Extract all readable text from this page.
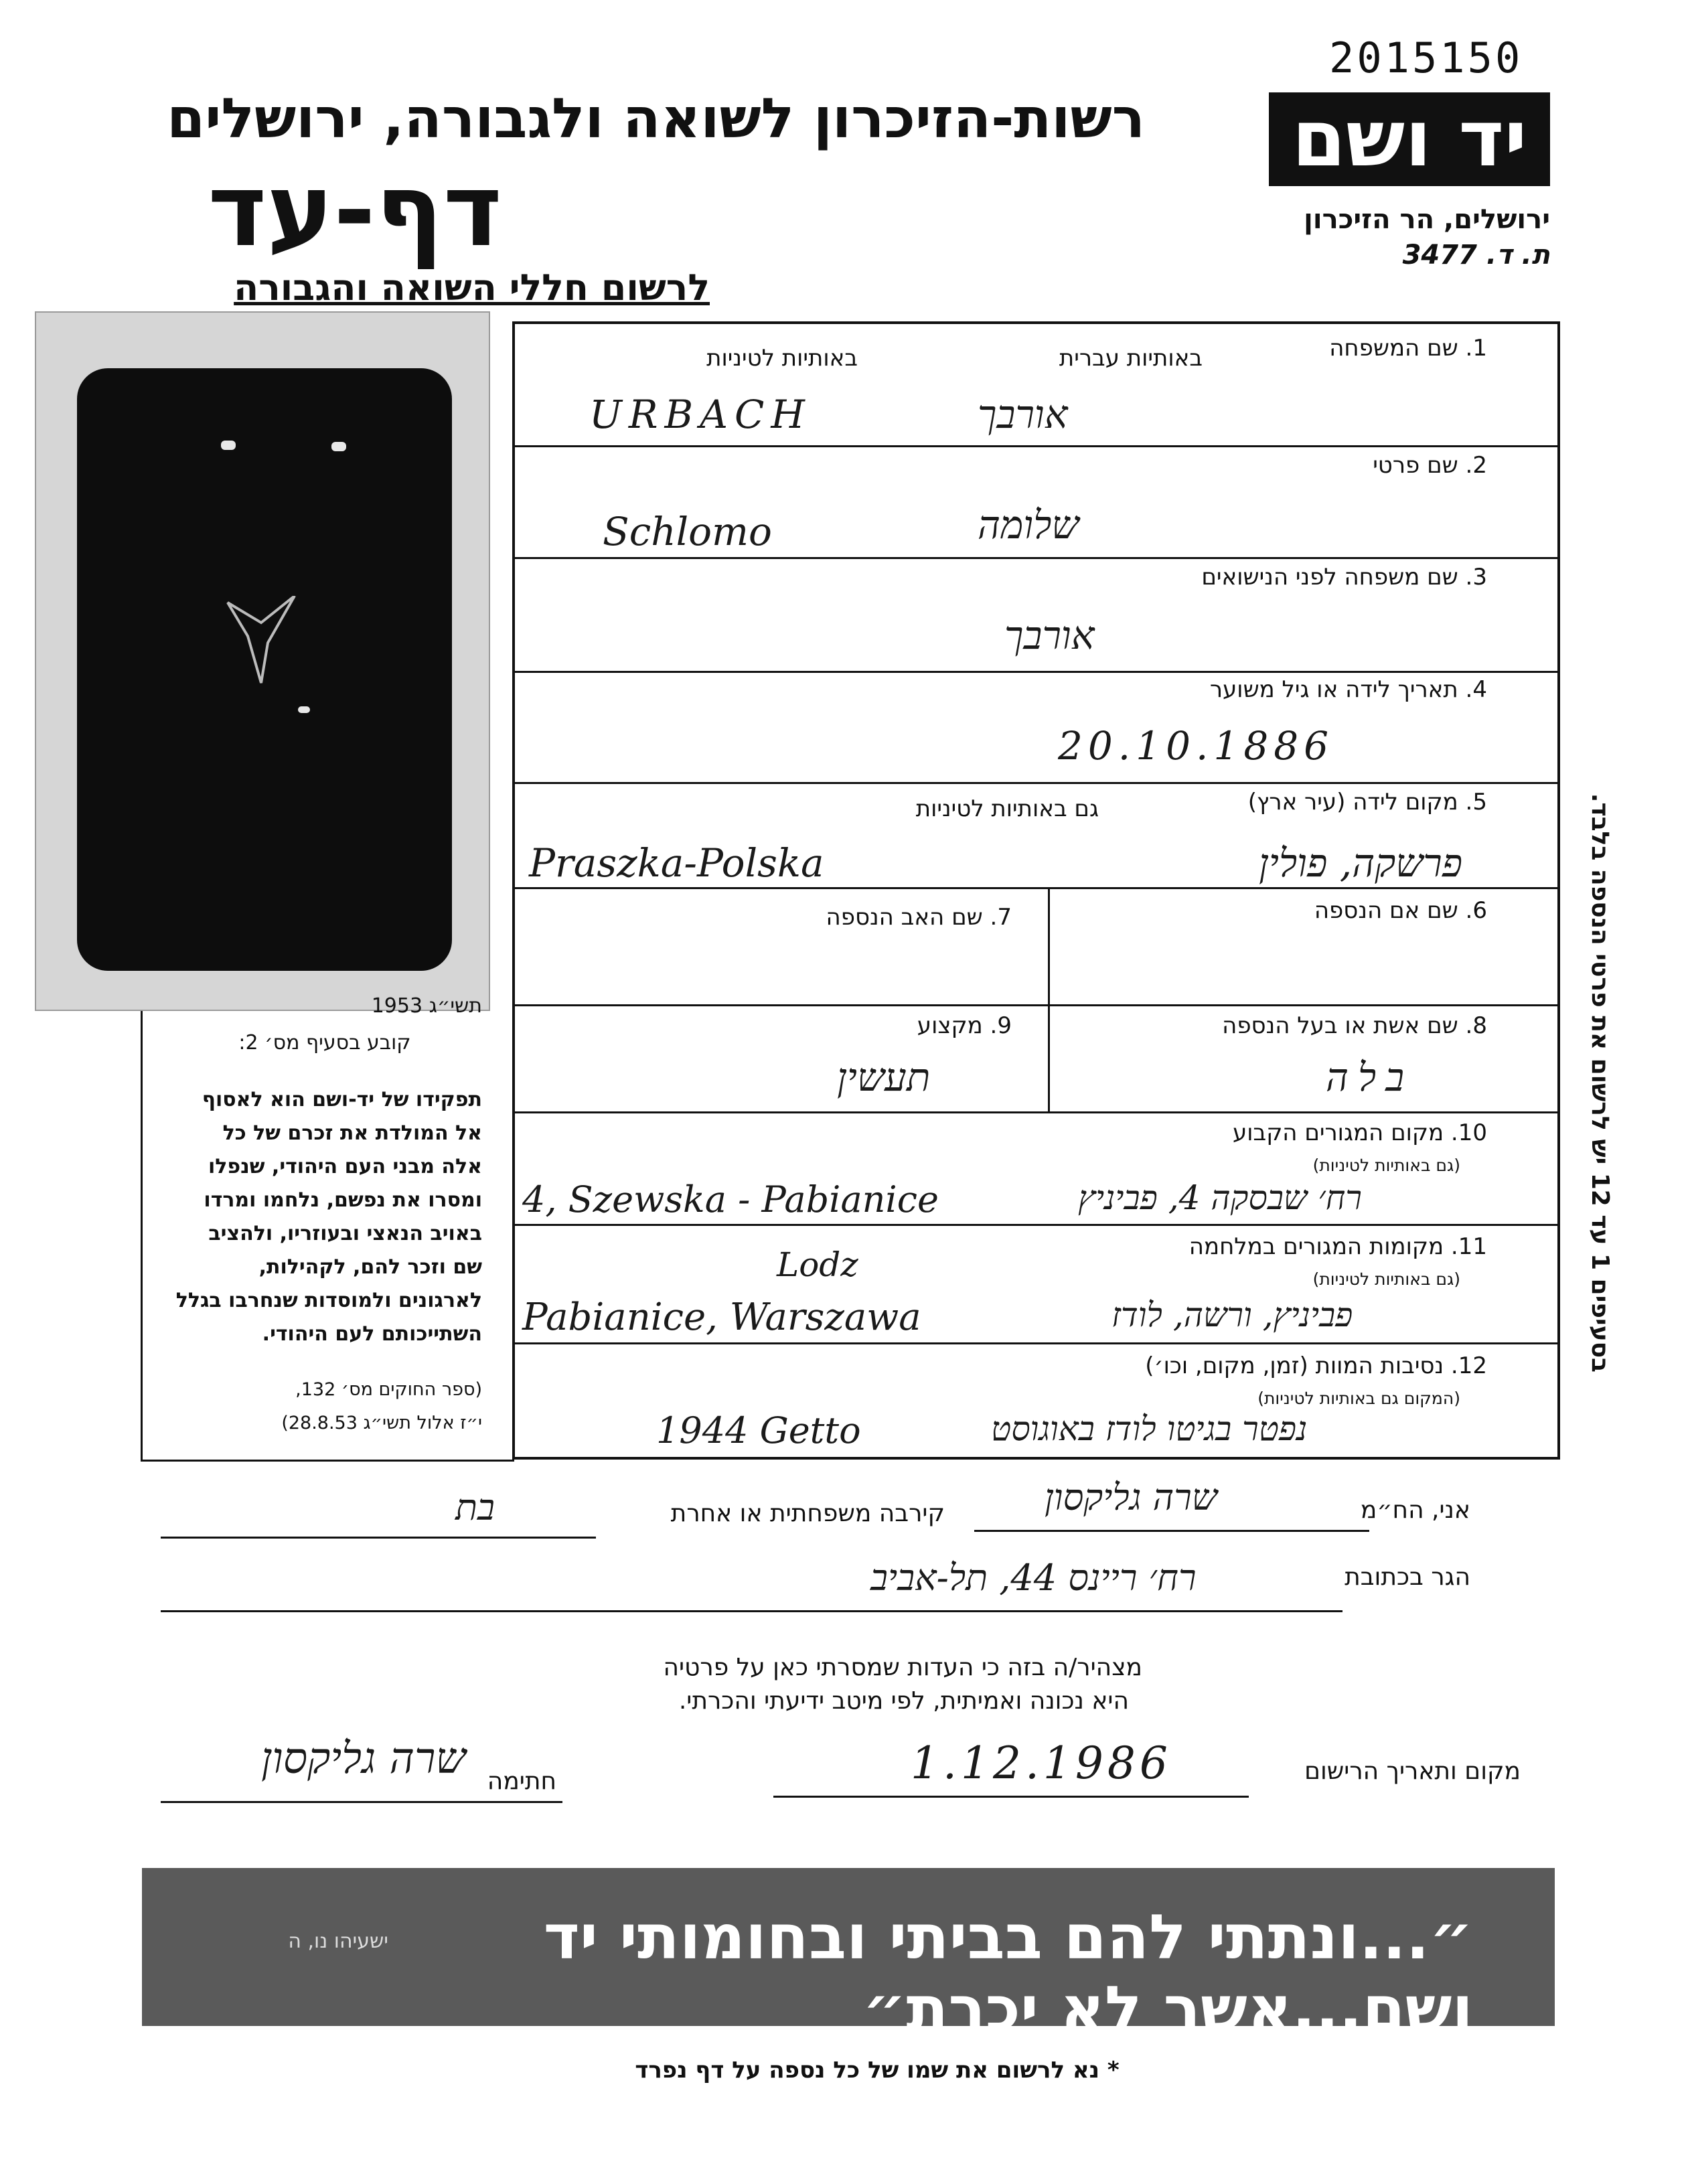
2015150
רשות-הזיכרון לשואה ולגבורה, ירושלים
דף-עד
לרשום חללי השואה והגבורה
יד ושם
ירושלים, הר הזיכרון
ת. ד. 3477
תשי״ג 1953
קובע בסעיף מס׳ 2:
תפקידו של יד-ושם הוא לאסוף
אל המולדת את זכרם של כל
אלה מבני העם היהודי, שנפלו
ומסרו את נפשם, נלחמו ומרדו
באויב הנאצי ובעוזריו, ולהציב
שם וזכר להם, לקהילות,
לארגונים ולמוסדות שנחרבו בגלל
השתייכותם לעם היהודי.
(ספר החוקים מס׳ 132,
י״ז אלול תשי״ג 28.8.53)
1. שם המשפחה
באותיות עברית
באותיות לטיניות
אורבך
URBACH
2. שם פרטי
שלומה
Schlomo
3. שם משפחה לפני הנישואים
אורבך
4. תאריך לידה או גיל משוער
20.10.1886
5. מקום לידה (עיר ארץ)
גם באותיות לטיניות
פרשקה, פולין
Praszka-Polska
6. שם אם הנספה
7. שם האב הנספה
8. שם אשת או בעל הנספה
בלה
9. מקצוע
תעשין
10. מקום המגורים הקבוע
(גם באותיות לטיניות)
4, Szewska - Pabianice	רח׳ שבסקה 4, פביניץ
11. מקומות המגורים במלחמה
(גם באותיות לטיניות)
Lodz
Pabianice, Warszawa	פביניץ, ורשה, לודז
12. נסיבות המוות (זמן, מקום, וכו׳)
(המקום גם באותיות לטיניות)
1944 Getto	נפטר בגיטו לודז באוגוסט
בסעיפים 1 עד 12 יש לרשום את פרטי הנספה בלבד.
אני, הח״מ
שרה גליקסון
קירבה משפחתית או אחרת
בת
הגר בכתובת
רח׳ ריינס 44, תל-אביב
מצהיר/ה בזה כי העדות שמסרתי כאן על פרטיה
היא נכונה ואמיתית, לפי מיטב ידיעתי והכרתי.
מקום ותאריך הרישום
1.12.1986
חתימה
שרה גליקסון
״...ונתתי להם בביתי ובחומותי יד ושם...אשר לא יכרת״
ישעיהו נו, ה
* נא לרשום את שמו של כל נספה על דף נפרד
